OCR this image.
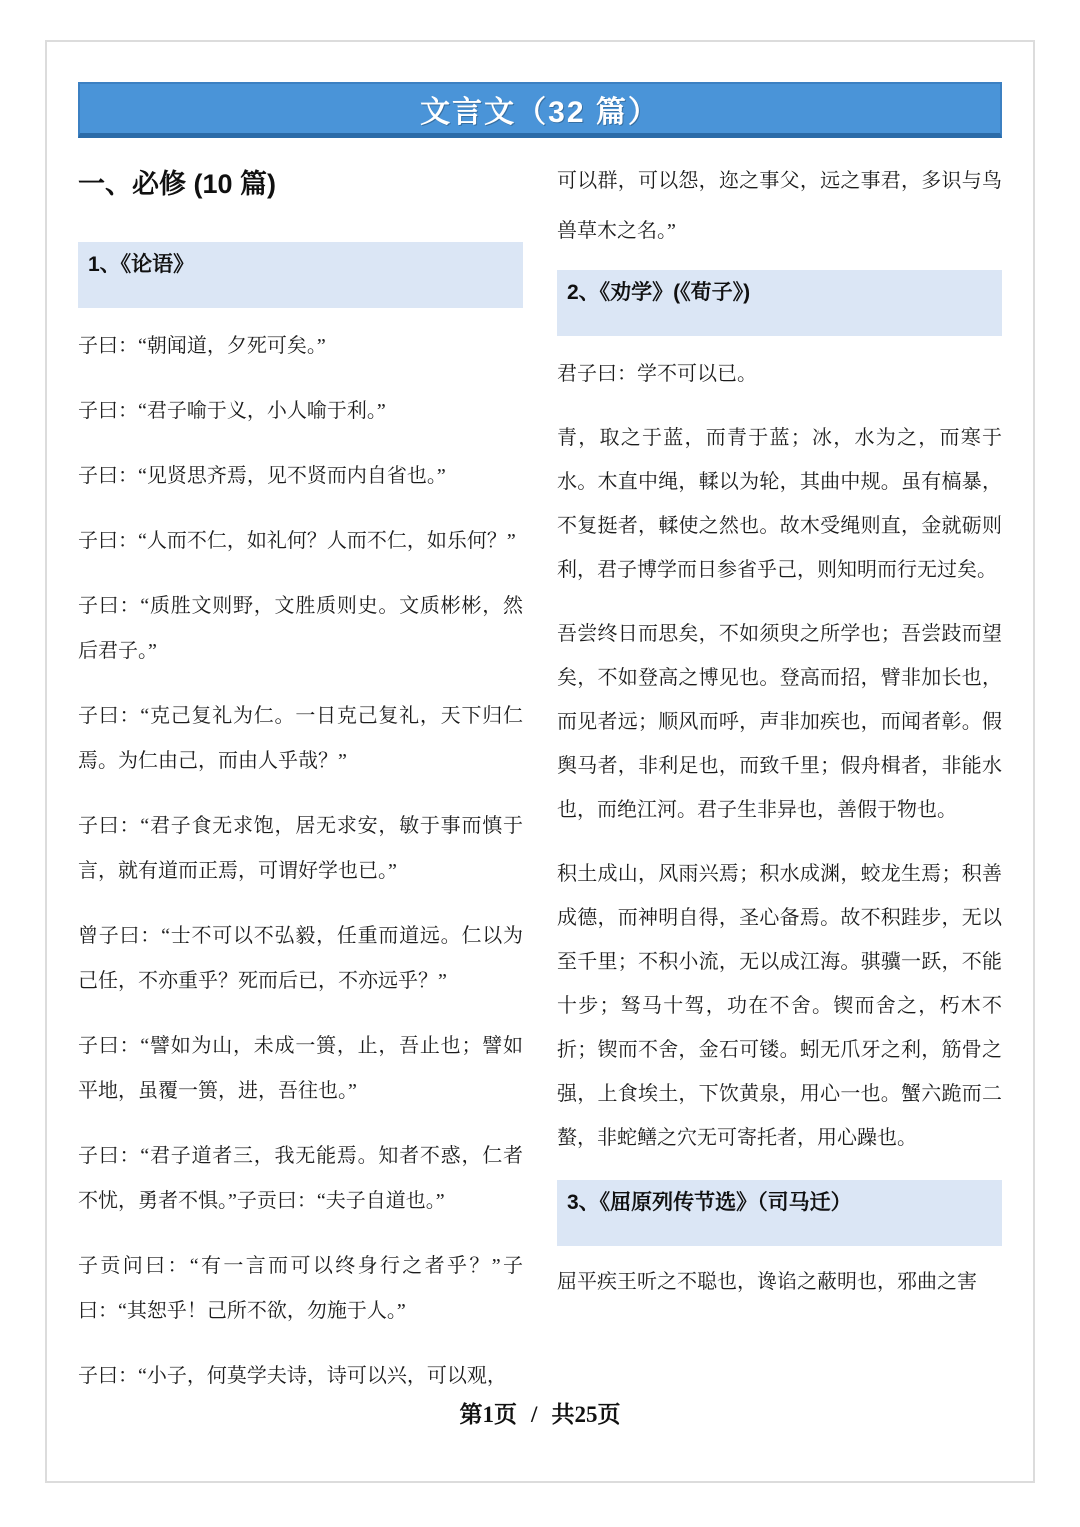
文言文（32 篇）
一、必修 (10 篇)
1、《论语》

子曰：“朝闻道，夕死可矣。”

子曰：“君子喻于义，小人喻于利。”

子曰：“见贤思齐焉，见不贤而内自省也。”

子曰：“人而不仁，如礼何？人而不仁，如乐何？”

子曰：“质胜文则野，文胜质则史。文质彬彬，然后君子。”

子曰：“克己复礼为仁。一日克己复礼，天下归仁焉。为仁由己，而由人乎哉？”

子曰：“君子食无求饱，居无求安，敏于事而慎于言，就有道而正焉，可谓好学也已。”

曾子曰：“士不可以不弘毅，任重而道远。仁以为己任，不亦重乎？死而后已，不亦远乎？”

子曰：“譬如为山，未成一篑，止，吾止也；譬如平地，虽覆一篑，进，吾往也。”

子曰：“君子道者三，我无能焉。知者不惑，仁者不忧，勇者不惧。”子贡曰：“夫子自道也。”

子贡问曰：“有一言而可以终身行之者乎？”子曰：“其恕乎！己所不欲，勿施于人。”

子曰：“小子，何莫学夫诗，诗可以兴，可以观，

可以群，可以怨，迩之事父，远之事君，多识与鸟兽草木之名。”

2、《劝学》(《荀子》)

君子曰：学不可以已。

青，取之于蓝，而青于蓝；冰，水为之，而寒于水。木直中绳，輮以为轮，其曲中规。虽有槁暴，不复挺者，輮使之然也。故木受绳则直，金就砺则利，君子博学而日参省乎己，则知明而行无过矣。

吾尝终日而思矣，不如须臾之所学也；吾尝跂而望矣，不如登高之博见也。登高而招，臂非加长也，而见者远；顺风而呼，声非加疾也，而闻者彰。假舆马者，非利足也，而致千里；假舟楫者，非能水也，而绝江河。君子生非异也，善假于物也。

积土成山，风雨兴焉；积水成渊，蛟龙生焉；积善成德，而神明自得，圣心备焉。故不积跬步，无以至千里；不积小流，无以成江海。骐骥一跃，不能十步；驽马十驾，功在不舍。锲而舍之，朽木不折；锲而不舍，金石可镂。蚓无爪牙之利，筋骨之强，上食埃土，下饮黄泉，用心一也。蟹六跪而二螯，非蛇鳝之穴无可寄托者，用心躁也。

3、《屈原列传节选》（司马迁）

屈平疾王听之不聪也，谗谄之蔽明也，邪曲之害

第1页 / 共25页
